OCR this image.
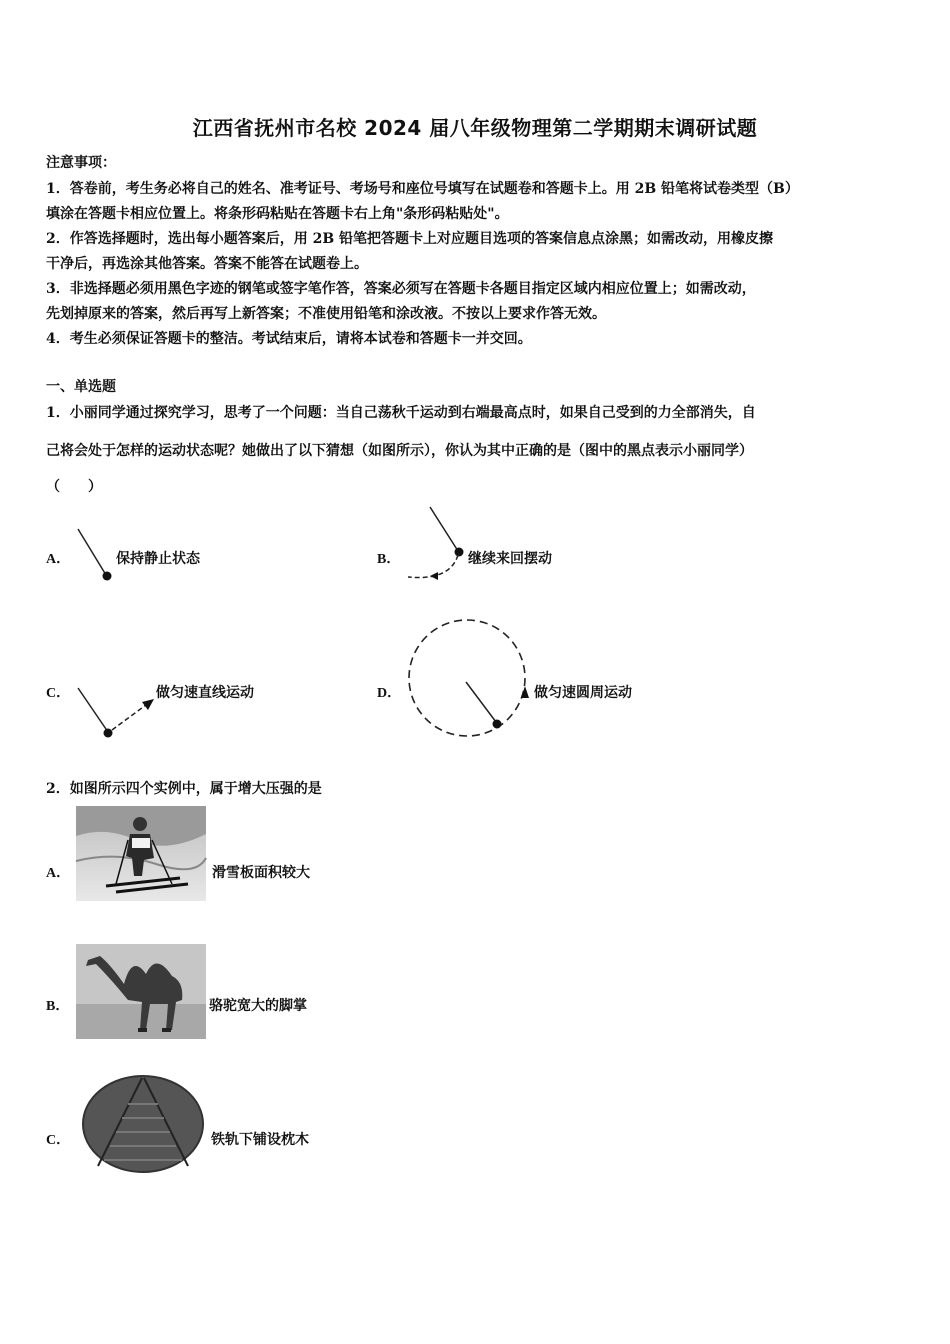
江西省抚州市名校 2024 届八年级物理第二学期期末调研试题
注意事项：
1．答卷前，考生务必将自己的姓名、准考证号、考场号和座位号填写在试题卷和答题卡上。用 2B 铅笔将试卷类型（B）
填涂在答题卡相应位置上。将条形码粘贴在答题卡右上角"条形码粘贴处"。
2．作答选择题时，选出每小题答案后，用 2B 铅笔把答题卡上对应题目选项的答案信息点涂黑；如需改动，用橡皮擦
干净后，再选涂其他答案。答案不能答在试题卷上。
3．非选择题必须用黑色字迹的钢笔或签字笔作答，答案必须写在答题卡各题目指定区域内相应位置上；如需改动，
先划掉原来的答案，然后再写上新答案；不准使用铅笔和涂改液。不按以上要求作答无效。
4．考生必须保证答题卡的整洁。考试结束后，请将本试卷和答题卡一并交回。
一、单选题
1．小丽同学通过探究学习，思考了一个问题：当自己荡秋千运动到右端最高点时，如果自己受到的力全部消失，自
己将会处于怎样的运动状态呢？她做出了以下猜想（如图所示），你认为其中正确的是（图中的黑点表示小丽同学）
（　　）
A．	保持静止状态	B．	继续来回摆动
C．	做匀速直线运动	D．	做匀速圆周运动
2．如图所示四个实例中，属于增大压强的是
A．	滑雪板面积较大
B．	骆驼宽大的脚掌
C．	铁轨下铺设枕木
